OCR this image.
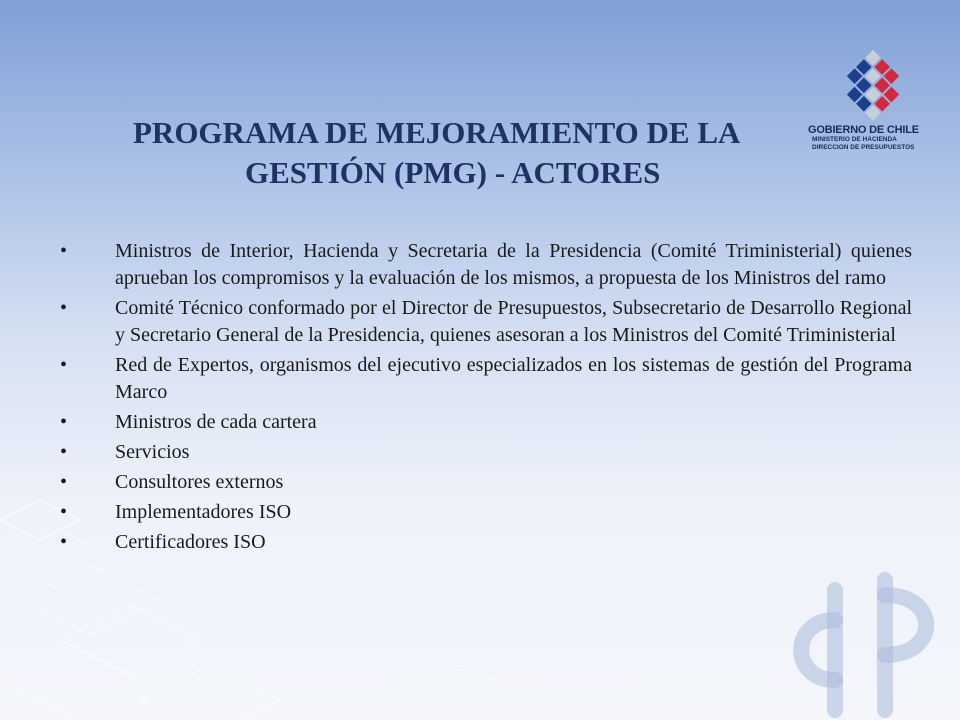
GOBIERNO DE CHILE
MINISTERIO DE HACIENDA
DIRECCION DE PRESUPUESTOS
PROGRAMA DE MEJORAMIENTO DE LA
GESTIÓN (PMG) - ACTORES
• Ministros de Interior, Hacienda y Secretaria de la Presidencia (Comité Triministerial) quienes aprueban los compromisos y la evaluación de los mismos, a propuesta de los Ministros del ramo
• Comité Técnico conformado por el Director de Presupuestos, Subsecretario de Desarrollo Regional y Secretario General de la Presidencia, quienes asesoran a los Ministros del Comité Triministerial
• Red de Expertos, organismos del ejecutivo especializados en los sistemas de gestión del Programa Marco
• Ministros de cada cartera
• Servicios
• Consultores externos
• Implementadores ISO
• Certificadores ISO
